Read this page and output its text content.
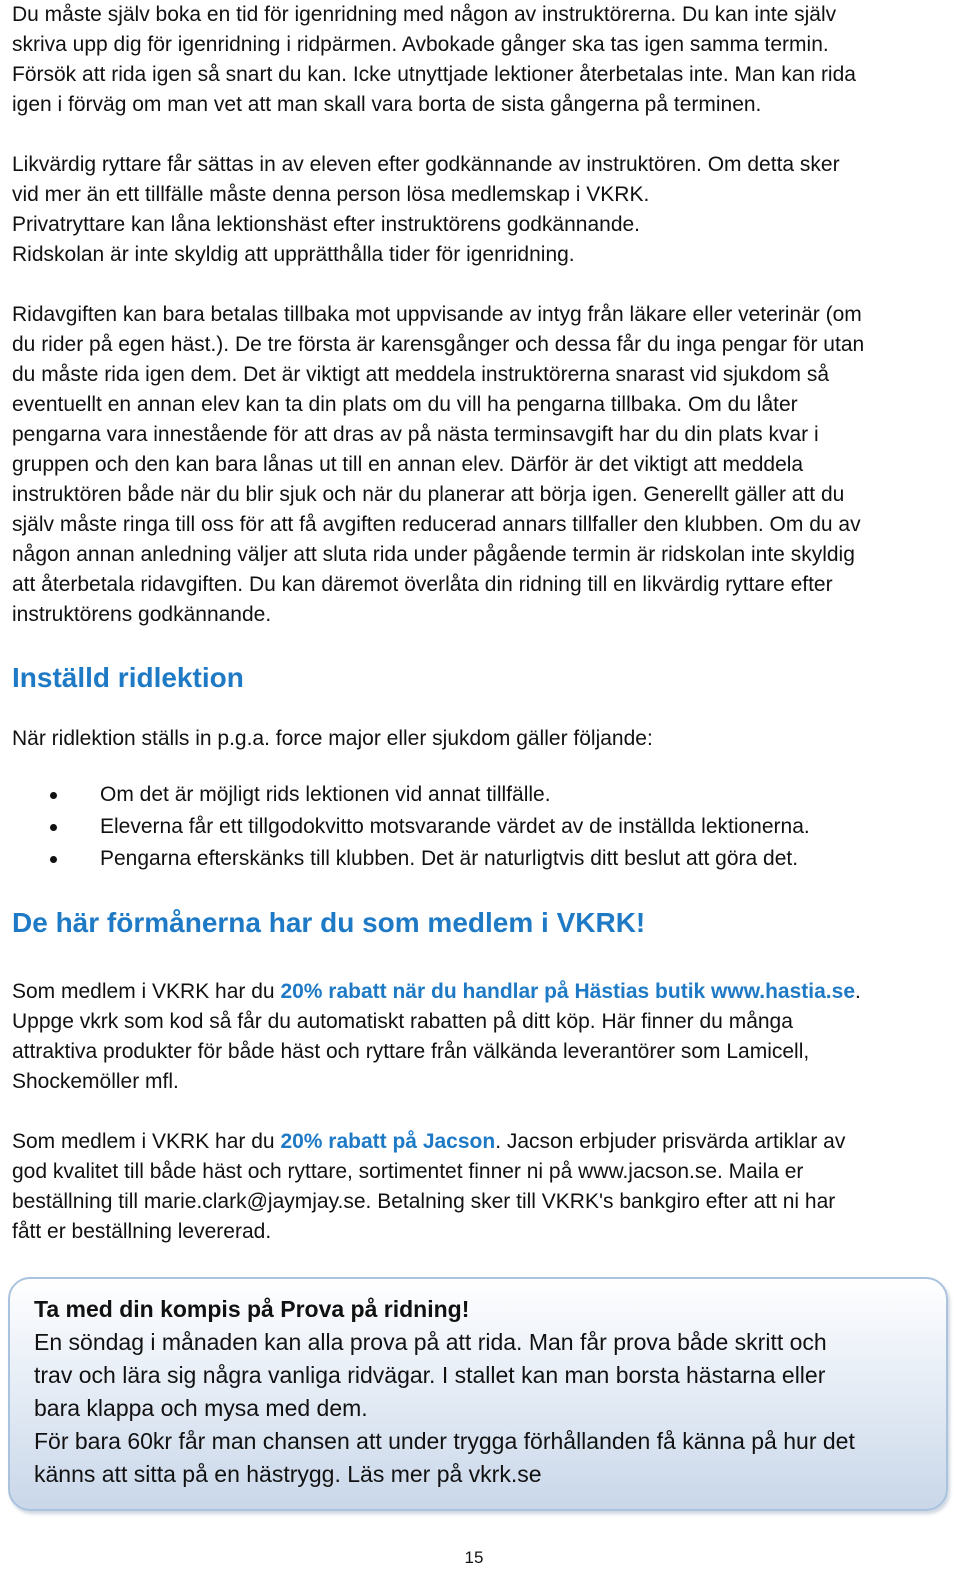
Du måste själv boka en tid för igenridning med någon av instruktörerna. Du kan inte själv
skriva upp dig för igenridning i ridpärmen. Avbokade gånger ska tas igen samma termin.
Försök att rida igen så snart du kan. Icke utnyttjade lektioner återbetalas inte. Man kan rida
igen i förväg om man vet att man skall vara borta de sista gångerna på terminen.
Likvärdig ryttare får sättas in av eleven efter godkännande av instruktören. Om detta sker
vid mer än ett tillfälle måste denna person lösa medlemskap i VKRK.
Privatryttare kan låna lektionshäst efter instruktörens godkännande.
Ridskolan är inte skyldig att upprätthålla tider för igenridning.
Ridavgiften kan bara betalas tillbaka mot uppvisande av intyg från läkare eller veterinär (om
du rider på egen häst.). De tre första är karensgånger och dessa får du inga pengar för utan
du måste rida igen dem. Det är viktigt att meddela instruktörerna snarast vid sjukdom så
eventuellt en annan elev kan ta din plats om du vill ha pengarna tillbaka. Om du låter
pengarna vara innestående för att dras av på nästa terminsavgift har du din plats kvar i
gruppen och den kan bara lånas ut till en annan elev. Därför är det viktigt att meddela
instruktören både när du blir sjuk och när du planerar att börja igen. Generellt gäller att du
själv måste ringa till oss för att få avgiften reducerad annars tillfaller den klubben. Om du av
någon annan anledning väljer att sluta rida under pågående termin är ridskolan inte skyldig
att återbetala ridavgiften. Du kan däremot överlåta din ridning till en likvärdig ryttare efter
instruktörens godkännande.
Inställd ridlektion
När ridlektion ställs in p.g.a. force major eller sjukdom gäller följande:
Om det är möjligt rids lektionen vid annat tillfälle.
Eleverna får ett tillgodokvitto motsvarande värdet av de inställda lektionerna.
Pengarna efterskänks till klubben. Det är naturligtvis ditt beslut att göra det.
De här förmånerna har du som medlem i VKRK!
Som medlem i VKRK har du 20% rabatt när du handlar på Hästias butik www.hastia.se.
Uppge vkrk som kod så får du automatiskt rabatten på ditt köp. Här finner du många
attraktiva produkter för både häst och ryttare från välkända leverantörer som Lamicell,
Shockemöller mfl.
Som medlem i VKRK har du 20% rabatt på Jacson. Jacson erbjuder prisvärda artiklar av
god kvalitet till både häst och ryttare, sortimentet finner ni på www.jacson.se. Maila er
beställning till marie.clark@jaymjay.se. Betalning sker till VKRK's bankgiro efter att ni har
fått er beställning levererad.
Ta med din kompis på Prova på ridning!
En söndag i månaden kan alla prova på att rida. Man får prova både skritt och
trav och lära sig några vanliga ridvägar. I stallet kan man borsta hästarna eller
bara klappa och mysa med dem.
För bara 60kr får man chansen att under trygga förhållanden få känna på hur det
känns att sitta på en hästrygg. Läs mer på vkrk.se
15
